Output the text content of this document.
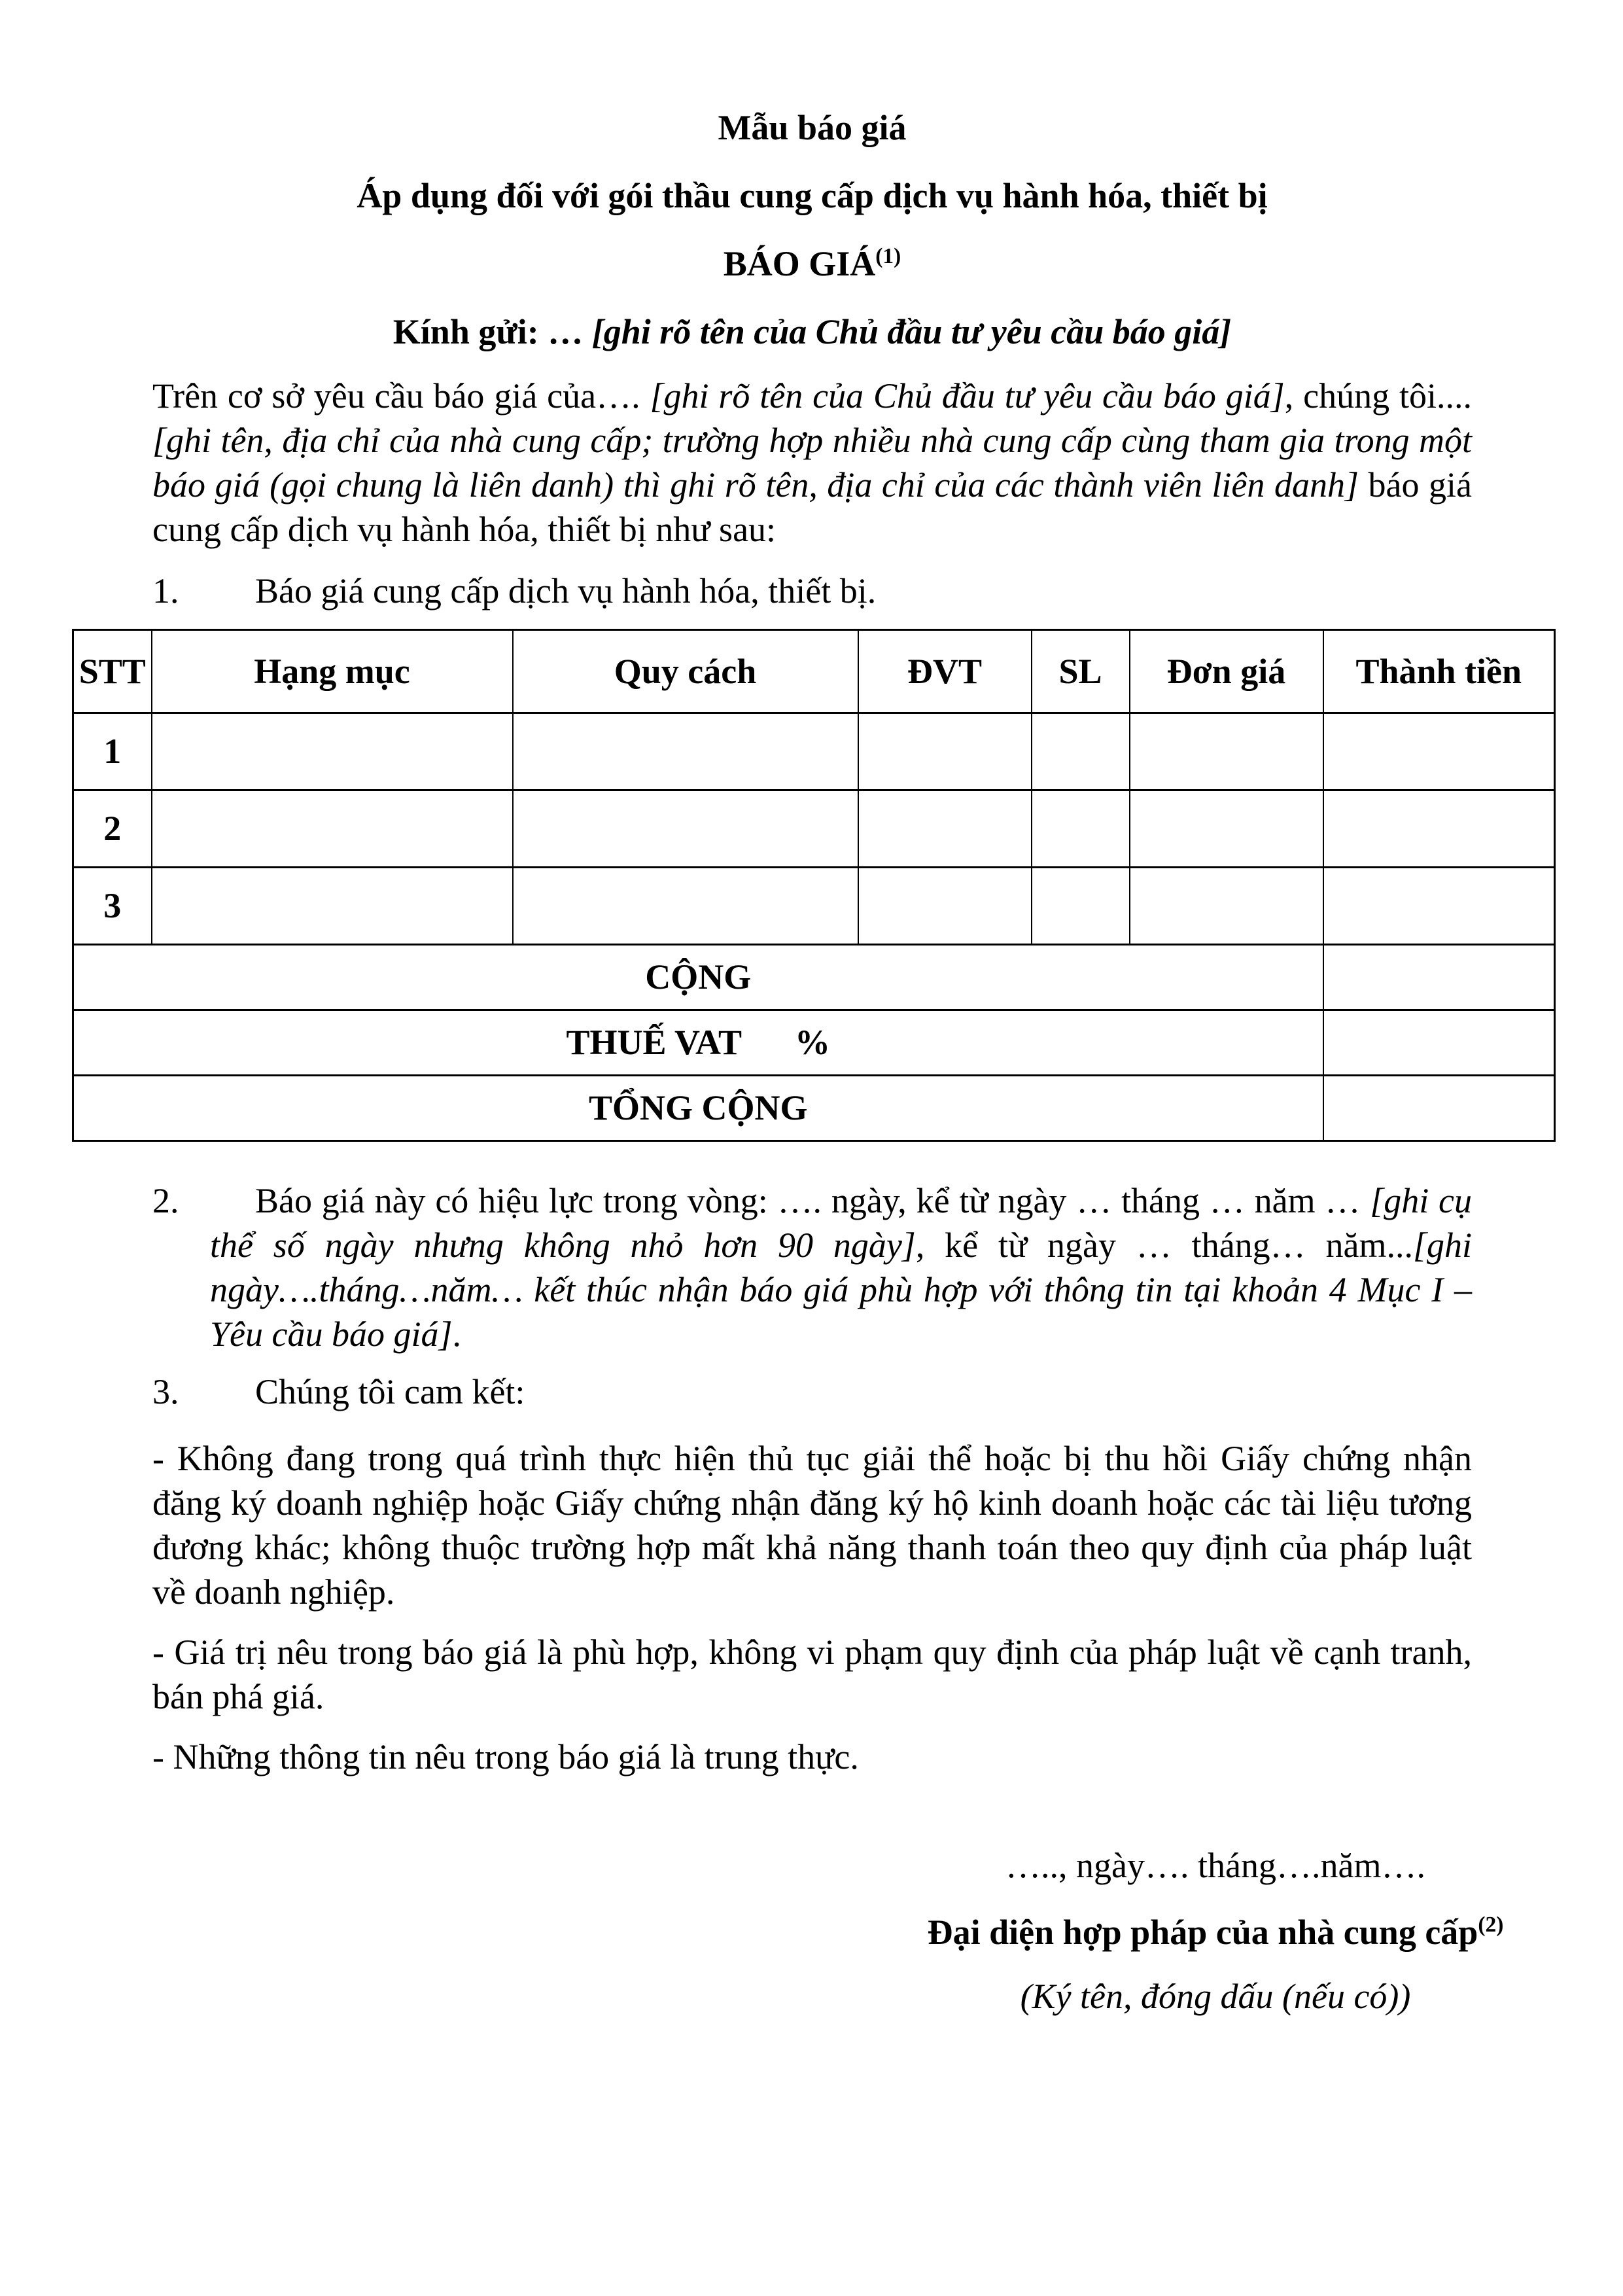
Mẫu báo giá
Áp dụng đối với gói thầu cung cấp dịch vụ hành hóa, thiết bị
BÁO GIÁ$^{(1)}$
Kính gửi: … [ghi rõ tên của Chủ đầu tư yêu cầu báo giá]

Trên cơ sở yêu cầu báo giá của…. [ghi rõ tên của Chủ đầu tư yêu cầu báo giá], chúng tôi....[ghi tên, địa chỉ của nhà cung cấp; trường hợp nhiều nhà cung cấp cùng tham gia trong một báo giá (gọi chung là liên danh) thì ghi rõ tên, địa chỉ của các thành viên liên danh] báo giá cung cấp dịch vụ hành hóa, thiết bị như sau:

1. Báo giá cung cấp dịch vụ hành hóa, thiết bị.
STT	Hạng mục	Quy cách	ĐVT	SL	Đơn giá	Thành tiền
1						
2						
3						
CỘNG						
THUẾ VAT      %						
TỔNG CỘNG						
2. Báo giá này có hiệu lực trong vòng: …. ngày, kể từ ngày … tháng … năm … [ghi cụ thể số ngày nhưng không nhỏ hơn 90 ngày], kể từ ngày … tháng… năm...[ghi ngày….tháng…năm… kết thúc nhận báo giá phù hợp với thông tin tại khoản 4 Mục I – Yêu cầu báo giá].
3. Chúng tôi cam kết:

- Không đang trong quá trình thực hiện thủ tục giải thể hoặc bị thu hồi Giấy chứng nhận đăng ký doanh nghiệp hoặc Giấy chứng nhận đăng ký hộ kinh doanh hoặc các tài liệu tương đương khác; không thuộc trường hợp mất khả năng thanh toán theo quy định của pháp luật về doanh nghiệp.

- Giá trị nêu trong báo giá là phù hợp, không vi phạm quy định của pháp luật về cạnh tranh, bán phá giá.

- Những thông tin nêu trong báo giá là trung thực.

….., ngày…. tháng….năm….
Đại diện hợp pháp của nhà cung cấp$^{(2)}$
(Ký tên, đóng dấu (nếu có))
